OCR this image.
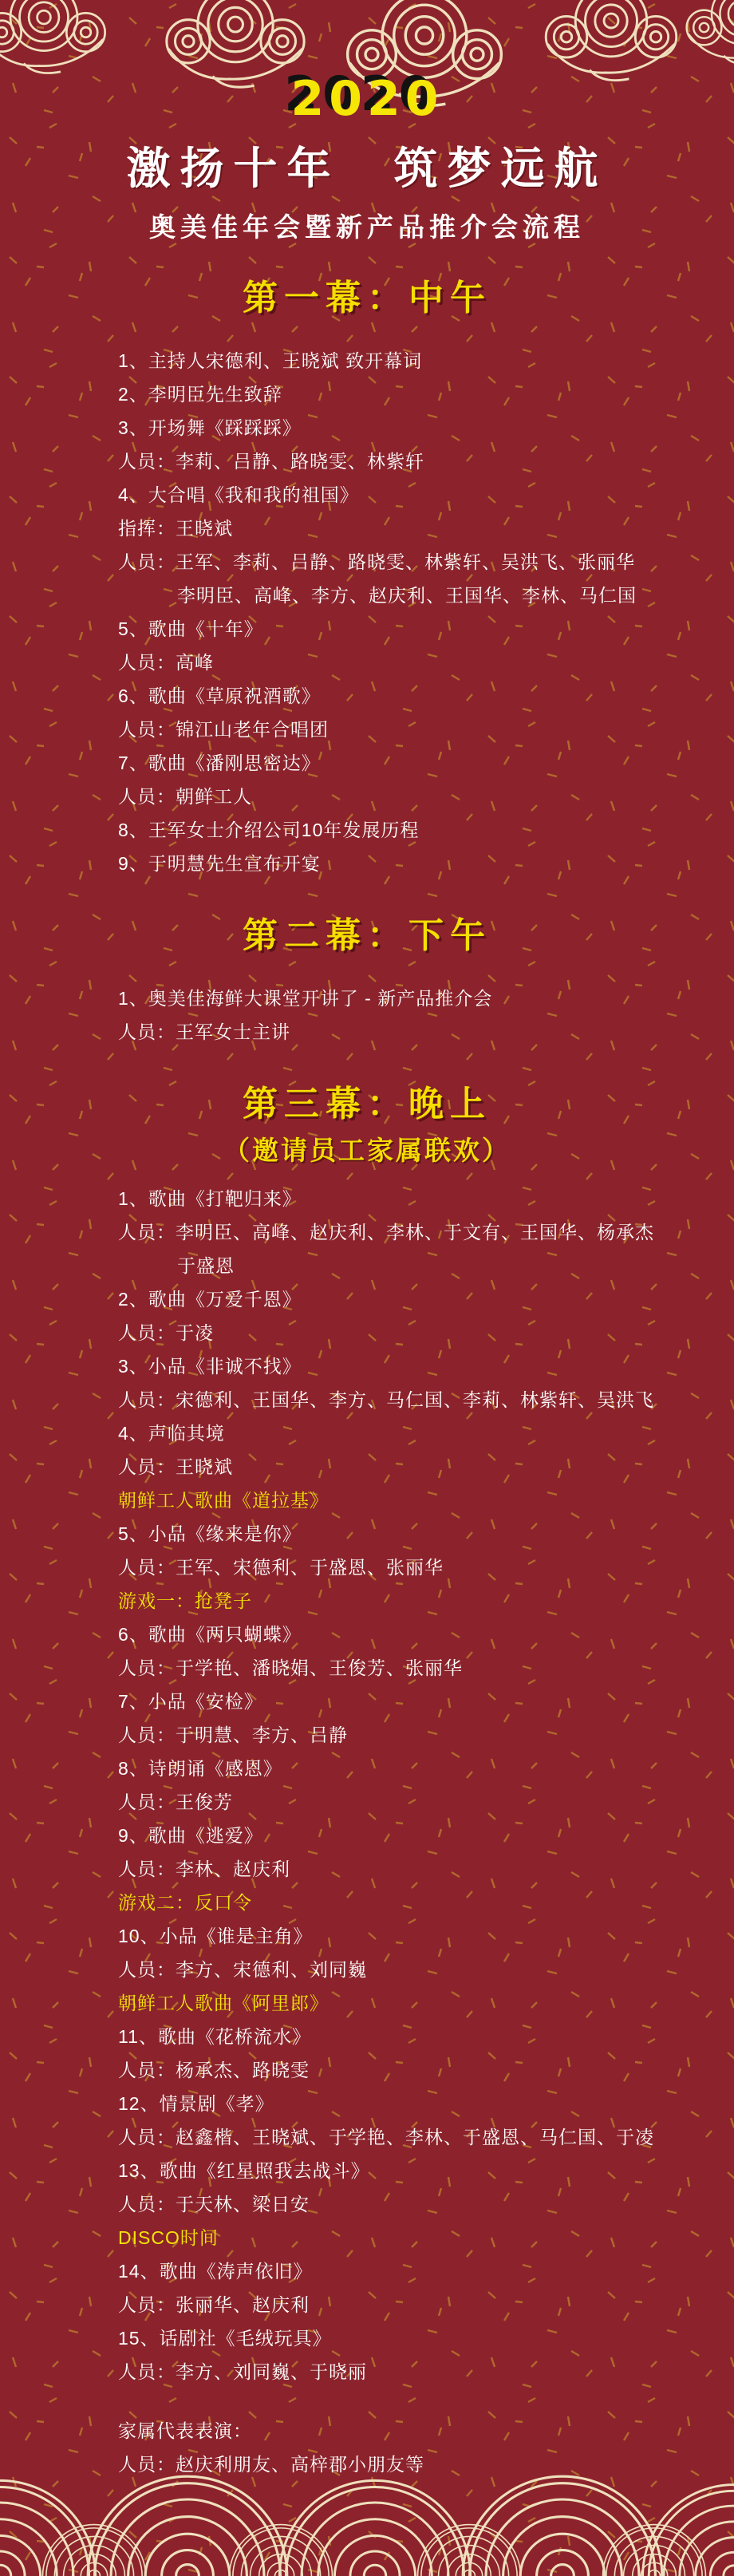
2020

激扬十年　筑梦远航

奥美佳年会暨新产品推介会流程

第一幕：中午

1、主持人宋德利、王晓斌 致开幕词

2、李明臣先生致辞

3、开场舞《踩踩踩》

人员：李莉、吕静、路晓雯、林紫轩

4、大合唱《我和我的祖国》

指挥：王晓斌

人员：王军、李莉、吕静、路晓雯、林紫轩、吴洪飞、张丽华

李明臣、高峰、李方、赵庆利、王国华、李林、马仁国

5、歌曲《十年》

人员：高峰

6、歌曲《草原祝酒歌》

人员：锦江山老年合唱团

7、歌曲《潘刚思密达》

人员：朝鲜工人

8、王军女士介绍公司10年发展历程

9、于明慧先生宣布开宴

第二幕：下午

1、奥美佳海鲜大课堂开讲了 - 新产品推介会

人员：王军女士主讲

第三幕：晚上

（邀请员工家属联欢）

1、歌曲《打靶归来》

人员：李明臣、高峰、赵庆利、李林、于文有、王国华、杨承杰

于盛恩

2、歌曲《万爱千恩》

人员：于凌

3、小品《非诚不找》

人员：宋德利、王国华、李方、马仁国、李莉、林紫轩、吴洪飞

4、声临其境

人员：王晓斌

朝鲜工人歌曲《道拉基》

5、小品《缘来是你》

人员：王军、宋德利、于盛恩、张丽华

游戏一：抢凳子

6、歌曲《两只蝴蝶》

人员：于学艳、潘晓娟、王俊芳、张丽华

7、小品《安检》

人员：于明慧、李方、吕静

8、诗朗诵《感恩》

人员：王俊芳

9、歌曲《逃爱》

人员：李林、赵庆利

游戏二：反口令

10、小品《谁是主角》

人员：李方、宋德利、刘同巍

朝鲜工人歌曲《阿里郎》

11、歌曲《花桥流水》

人员：杨承杰、路晓雯

12、情景剧《孝》

人员：赵鑫楷、王晓斌、于学艳、李林、于盛恩、马仁国、于凌

13、歌曲《红星照我去战斗》

人员：于天林、梁日安

DISCO时间

14、歌曲《涛声依旧》

人员：张丽华、赵庆利

15、话剧社《毛绒玩具》

人员：李方、刘同巍、于晓丽

家属代表表演：

人员：赵庆利朋友、高梓郡小朋友等
